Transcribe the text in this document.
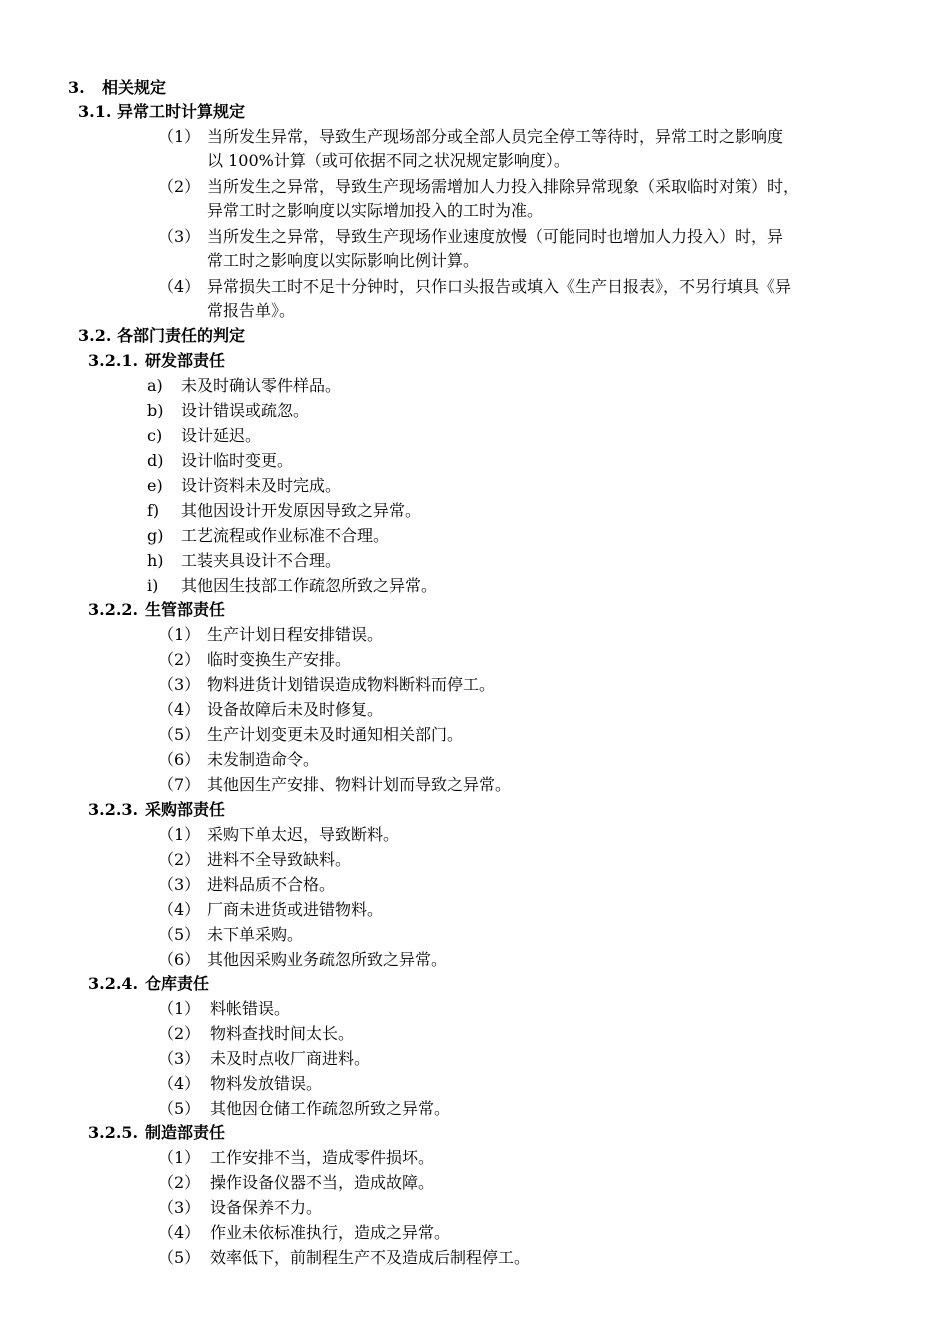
3. 相关规定
3.1. 异常工时计算规定
（1） 当所发生异常，导致生产现场部分或全部人员完全停工等待时，异常工时之影响度
以 100%计算（或可依据不同之状况规定影响度）。
（2） 当所发生之异常，导致生产现场需增加人力投入排除异常现象（采取临时对策）时，
异常工时之影响度以实际增加投入的工时为准。
（3） 当所发生之异常，导致生产现场作业速度放慢（可能同时也增加人力投入）时，异
常工时之影响度以实际影响比例计算。
（4） 异常损失工时不足十分钟时，只作口头报告或填入《生产日报表》，不另行填具《异
常报告单》。
3.2. 各部门责任的判定
3.2.1. 研发部责任
a) 未及时确认零件样品。
b) 设计错误或疏忽。
c) 设计延迟。
d) 设计临时变更。
e) 设计资料未及时完成。
f) 其他因设计开发原因导致之异常。
g) 工艺流程或作业标准不合理。
h) 工装夹具设计不合理。
i) 其他因生技部工作疏忽所致之异常。
3.2.2. 生管部责任
（1） 生产计划日程安排错误。
（2） 临时变换生产安排。
（3） 物料进货计划错误造成物料断料而停工。
（4） 设备故障后未及时修复。
（5） 生产计划变更未及时通知相关部门。
（6） 未发制造命令。
（7） 其他因生产安排、物料计划而导致之异常。
3.2.3. 采购部责任
（1） 采购下单太迟，导致断料。
（2） 进料不全导致缺料。
（3） 进料品质不合格。
（4） 厂商未进货或进错物料。
（5） 未下单采购。
（6） 其他因采购业务疏忽所致之异常。
3.2.4. 仓库责任
（1） 料帐错误。
（2） 物料查找时间太长。
（3） 未及时点收厂商进料。
（4） 物料发放错误。
（5） 其他因仓储工作疏忽所致之异常。
3.2.5. 制造部责任
（1） 工作安排不当，造成零件损坏。
（2） 操作设备仪器不当，造成故障。
（3） 设备保养不力。
（4） 作业未依标准执行，造成之异常。
（5） 效率低下，前制程生产不及造成后制程停工。
